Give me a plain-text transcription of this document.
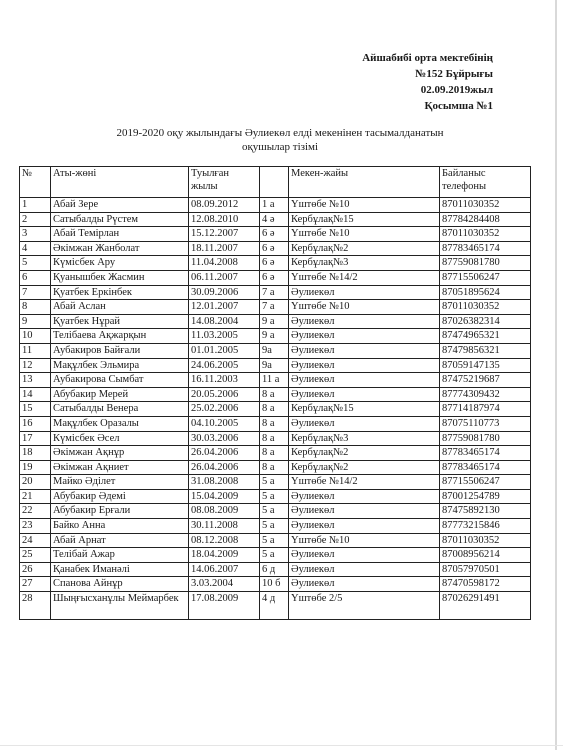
Айшабибі орта мектебінің
№152 Бұйрығы
02.09.2019жыл
Қосымша №1
2019-2020 оқу жылындағы Әулиекөл елді мекенінен тасымалданатын
оқушылар тізімі
№	Аты-жөні	Туылған жылы		Мекен-жайы	Байланыс телефоны
1	Абай Зере	08.09.2012	1 а	Үштөбе №10	87011030352
2	Сатыбалды Рүстем	12.08.2010	4 ә	Кербұлақ№15	87784284408
3	Абай Темірлан	15.12.2007	6 ә	Үштөбе №10	87011030352
4	Әкімжан Жанболат	18.11.2007	6 ә	Кербұлақ№2	87783465174
5	Күмісбек Ару	11.04.2008	6 ә	Кербұлақ№3	87759081780
6	Қуанышбек Жасмин	06.11.2007	6 ә	Үштөбе №14/2	87715506247
7	Қуатбек Еркінбек	30.09.2006	7 а	Әулиекөл	87051895624
8	Абай Аслан	12.01.2007	7 а	Үштөбе №10	87011030352
9	Қуатбек Нұрай	14.08.2004	9 а	Әулиекөл	87026382314
10	Телібаева Ақжарқын	11.03.2005	9 а	Әулиекөл	87474965321
11	Аубакиров Байғали	01.01.2005	9а	Әулиекөл	87479856321
12	Мақұлбек Эльмира	24.06.2005	9а	Әулиекөл	87059147135
13	Аубакирова Сымбат	16.11.2003	11 а	Әулиекөл	87475219687
14	Абубакир Мерей	20.05.2006	8 а	Әулиекөл	87774309432
15	Сатыбалды Венера	25.02.2006	8 а	Кербұлақ№15	87714187974
16	Мақұлбек Оразалы	04.10.2005	8 а	Әулиекөл	87075110773
17	Күмісбек Әсел	30.03.2006	8 а	Кербұлақ№3	87759081780
18	Әкімжан Ақнұр	26.04.2006	8 а	Кербұлақ№2	87783465174
19	Әкімжан Ақниет	26.04.2006	8 а	Кербұлақ№2	87783465174
20	Майко Әділет	31.08.2008	5 а	Үштөбе №14/2	87715506247
21	Абубакир Әдемі	15.04.2009	5 а	Әулиекөл	87001254789
22	Абубакир Ерғали	08.08.2009	5 а	Әулиекөл	87475892130
23	Байко Анна	30.11.2008	5 а	Әулиекөл	87773215846
24	Абай Арнат	08.12.2008	5 а	Үштөбе №10	87011030352
25	Телібай Ажар	18.04.2009	5 а	Әулиекөл	87008956214
26	Қанабек Иманәлі	14.06.2007	6 д	Әулиекөл	87057970501
27	Спанова Айнұр	3.03.2004	10 б	Әулиекөл	87470598172
28	Шыңғысханұлы Меймарбек	17.08.2009	4 д	Үштөбе 2/5	87026291491
